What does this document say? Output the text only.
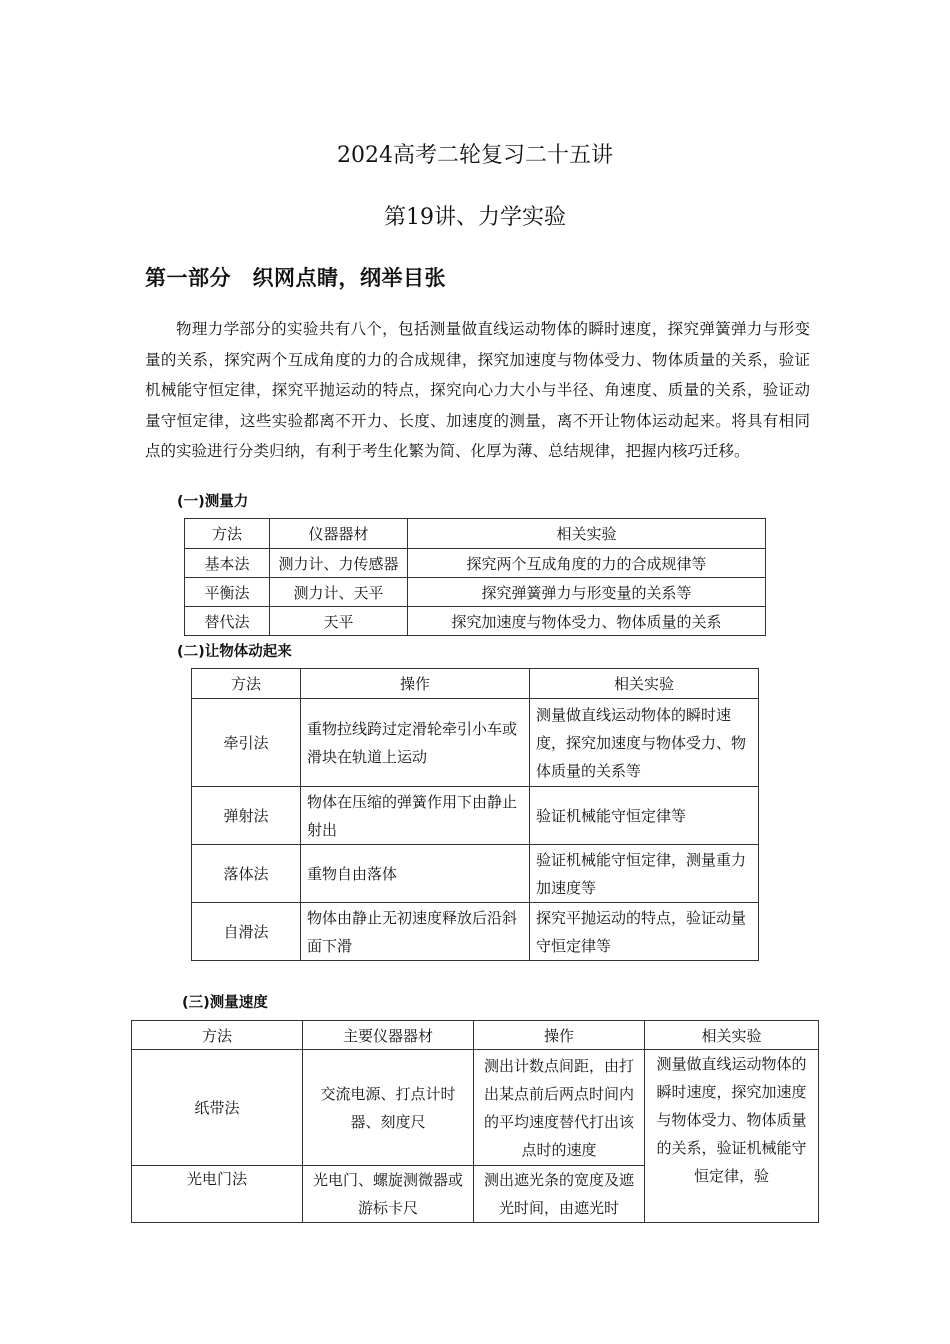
2024高考二轮复习二十五讲
第19讲、力学实验
第一部分　织网点睛，纲举目张
物理力学部分的实验共有八个，包括测量做直线运动物体的瞬时速度，探究弹簧弹力与形变量的关系，探究两个互成角度的力的合成规律，探究加速度与物体受力、物体质量的关系，验证机械能守恒定律，探究平抛运动的特点，探究向心力大小与半径、角速度、质量的关系，验证动量守恒定律，这些实验都离不开力、长度、加速度的测量，离不开让物体运动起来。将具有相同点的实验进行分类归纳，有利于考生化繁为简、化厚为薄、总结规律，把握内核巧迁移。
(一)测量力
方法	仪器器材	相关实验
基本法	测力计、力传感器	探究两个互成角度的力的合成规律等
平衡法	测力计、天平	探究弹簧弹力与形变量的关系等
替代法	天平	探究加速度与物体受力、物体质量的关系
(二)让物体动起来
方法	操作	相关实验
牵引法	重物拉线跨过定滑轮牵引小车或滑块在轨道上运动	测量做直线运动物体的瞬时速度，探究加速度与物体受力、物体质量的关系等
弹射法	物体在压缩的弹簧作用下由静止射出	验证机械能守恒定律等
落体法	重物自由落体	验证机械能守恒定律，测量重力加速度等
自滑法	物体由静止无初速度释放后沿斜面下滑	探究平抛运动的特点，验证动量守恒定律等
(三)测量速度
方法	主要仪器器材	操作	相关实验
纸带法	交流电源、打点计时器、刻度尺	测出计数点间距，由打出某点前后两点时间内的平均速度替代打出该点时的速度	测量做直线运动物体的瞬时速度，探究加速度与物体受力、物体质量的关系，验证机械能守恒定律，验
光电门法	光电门、螺旋测微器或游标卡尺	测出遮光条的宽度及遮光时间，由遮光时	
